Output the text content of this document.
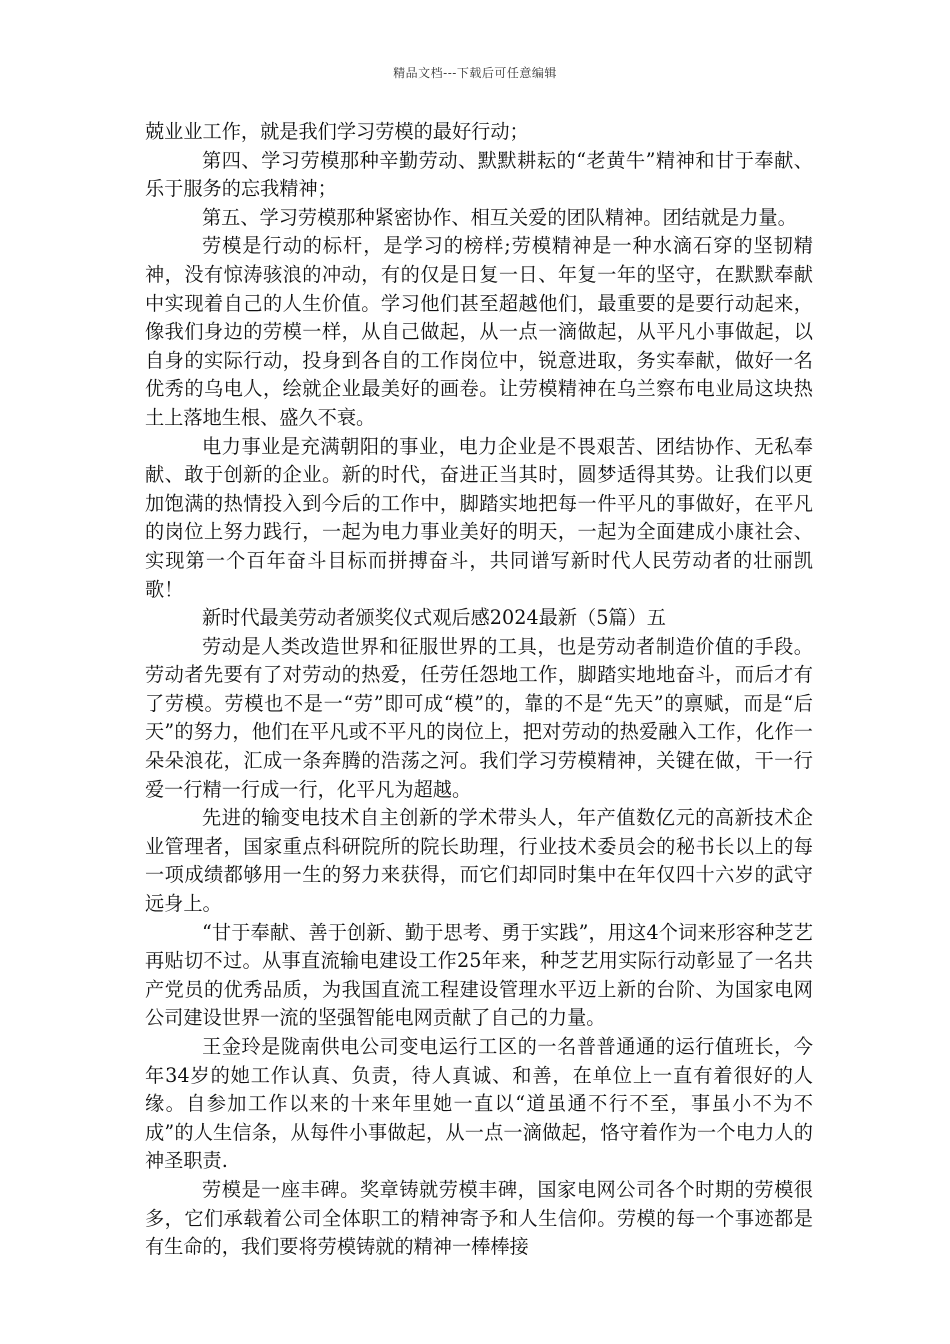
精品文档---下载后可任意编辑

兢业业工作，就是我们学习劳模的最好行动；

第四、学习劳模那种辛勤劳动、默默耕耘的“老黄牛”精神和甘于奉献、乐于服务的忘我精神；

第五、学习劳模那种紧密协作、相互关爱的团队精神。团结就是力量。

劳模是行动的标杆，是学习的榜样;劳模精神是一种水滴石穿的坚韧精神，没有惊涛骇浪的冲动，有的仅是日复一日、年复一年的坚守，在默默奉献中实现着自己的人生价值。学习他们甚至超越他们，最重要的是要行动起来，像我们身边的劳模一样，从自己做起，从一点一滴做起，从平凡小事做起，以自身的实际行动，投身到各自的工作岗位中，锐意进取，务实奉献，做好一名优秀的乌电人，绘就企业最美好的画卷。让劳模精神在乌兰察布电业局这块热土上落地生根、盛久不衰。

电力事业是充满朝阳的事业，电力企业是不畏艰苦、团结协作、无私奉献、敢于创新的企业。新的时代，奋进正当其时，圆梦适得其势。让我们以更加饱满的热情投入到今后的工作中，脚踏实地把每一件平凡的事做好，在平凡的岗位上努力践行，一起为电力事业美好的明天，一起为全面建成小康社会、实现第一个百年奋斗目标而拼搏奋斗，共同谱写新时代人民劳动者的壮丽凯歌！

新时代最美劳动者颁奖仪式观后感2024最新（5篇）五

劳动是人类改造世界和征服世界的工具，也是劳动者制造价值的手段。劳动者先要有了对劳动的热爱，任劳任怨地工作，脚踏实地地奋斗，而后才有了劳模。劳模也不是一“劳”即可成“模”的，靠的不是“先天”的禀赋，而是“后天”的努力，他们在平凡或不平凡的岗位上，把对劳动的热爱融入工作，化作一朵朵浪花，汇成一条奔腾的浩荡之河。我们学习劳模精神，关键在做，干一行爱一行精一行成一行，化平凡为超越。

先进的输变电技术自主创新的学术带头人，年产值数亿元的高新技术企业管理者，国家重点科研院所的院长助理，行业技术委员会的秘书长以上的每一项成绩都够用一生的努力来获得，而它们却同时集中在年仅四十六岁的武守远身上。

“甘于奉献、善于创新、勤于思考、勇于实践”，用这4个词来形容种芝艺再贴切不过。从事直流输电建设工作25年来，种芝艺用实际行动彰显了一名共产党员的优秀品质，为我国直流工程建设管理水平迈上新的台阶、为国家电网公司建设世界一流的坚强智能电网贡献了自己的力量。

王金玲是陇南供电公司变电运行工区的一名普普通通的运行值班长，今年34岁的她工作认真、负责，待人真诚、和善，在单位上一直有着很好的人缘。自参加工作以来的十来年里她一直以“道虽通不行不至，事虽小不为不成”的人生信条，从每件小事做起，从一点一滴做起，恪守着作为一个电力人的神圣职责.

劳模是一座丰碑。奖章铸就劳模丰碑，国家电网公司各个时期的劳模很多，它们承载着公司全体职工的精神寄予和人生信仰。劳模的每一个事迹都是有生命的，我们要将劳模铸就的精神一棒棒接
